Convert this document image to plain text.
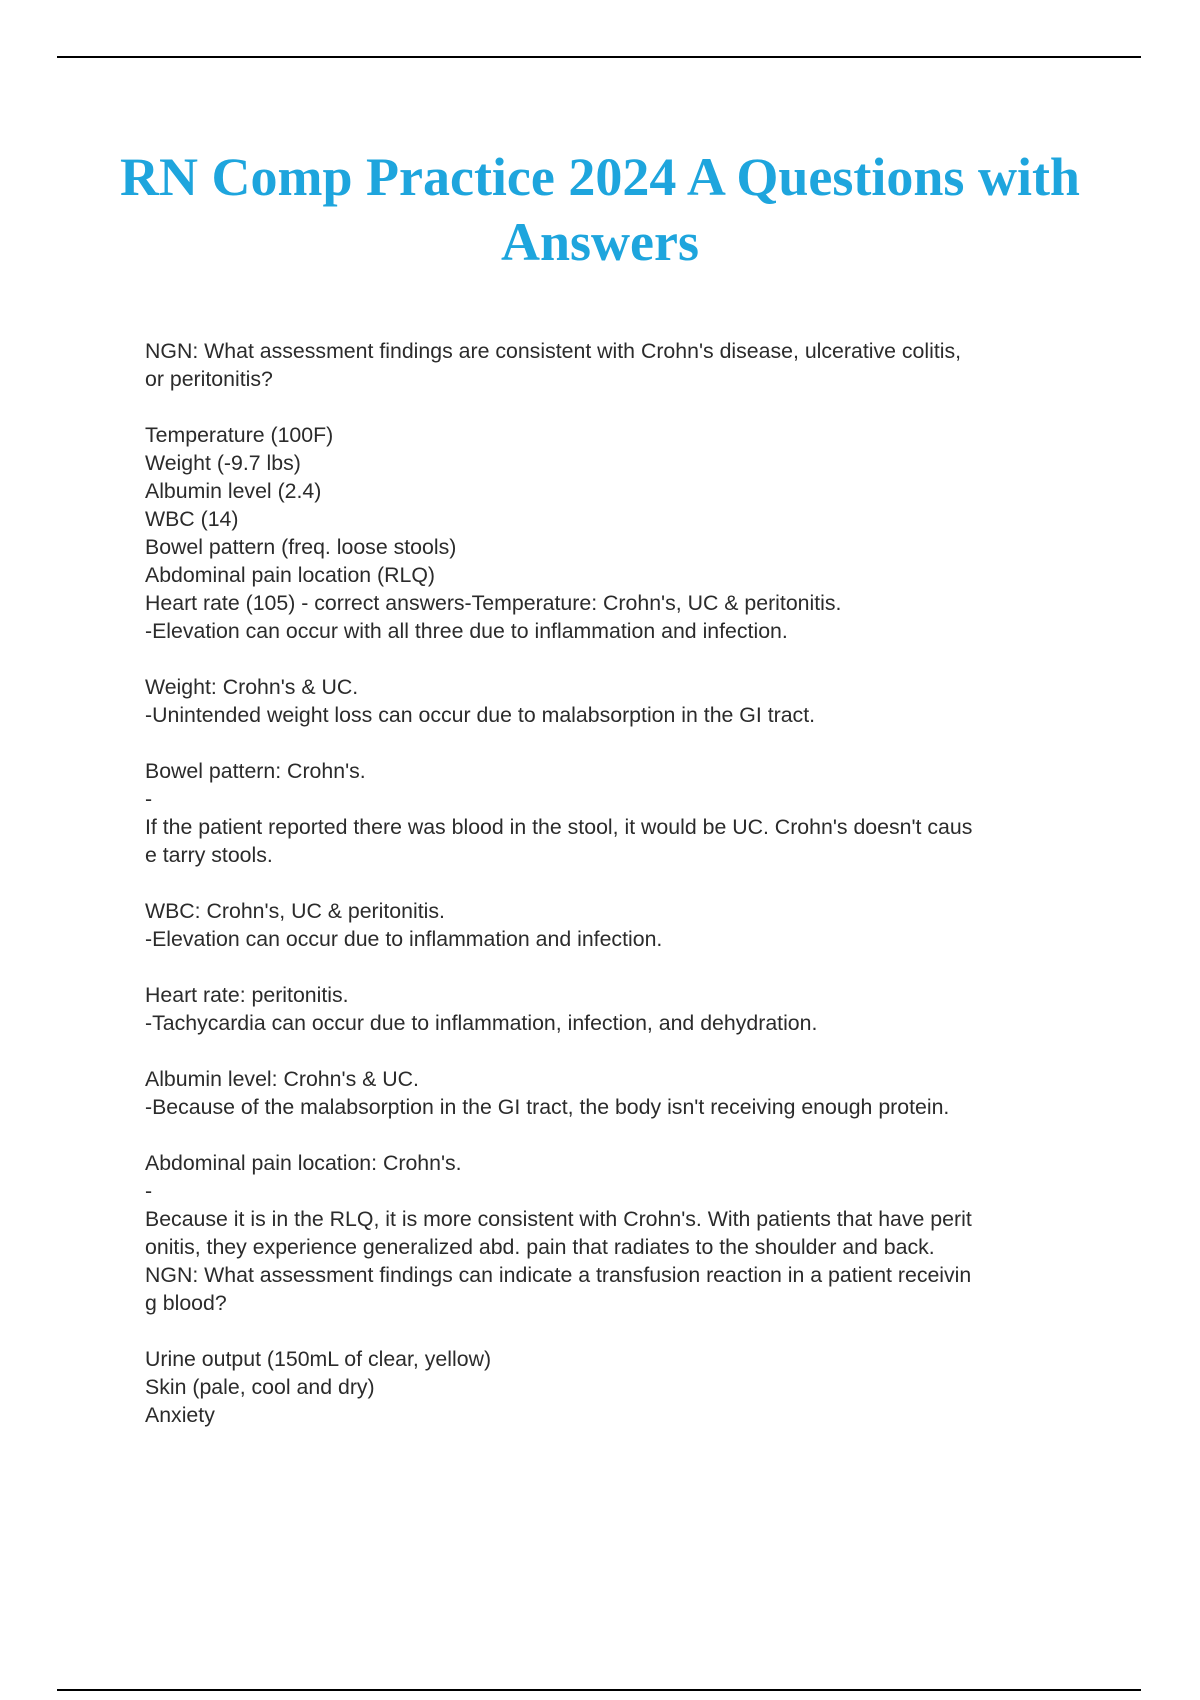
RN Comp Practice 2024 A Questions with Answers
NGN: What assessment findings are consistent with Crohn's disease, ulcerative colitis,
or peritonitis?
Temperature (100F)
Weight (-9.7 lbs)
Albumin level (2.4)
WBC (14)
Bowel pattern (freq. loose stools)
Abdominal pain location (RLQ)
Heart rate (105) - correct answers-Temperature: Crohn's, UC & peritonitis.
-Elevation can occur with all three due to inflammation and infection.
Weight: Crohn's & UC.
-Unintended weight loss can occur due to malabsorption in the GI tract.
Bowel pattern: Crohn's.
-
If the patient reported there was blood in the stool, it would be UC. Crohn's doesn't caus
e tarry stools.
WBC: Crohn's, UC & peritonitis.
-Elevation can occur due to inflammation and infection.
Heart rate: peritonitis.
-Tachycardia can occur due to inflammation, infection, and dehydration.
Albumin level: Crohn's & UC.
-Because of the malabsorption in the GI tract, the body isn't receiving enough protein.
Abdominal pain location: Crohn's.
-
Because it is in the RLQ, it is more consistent with Crohn's. With patients that have perit
onitis, they experience generalized abd. pain that radiates to the shoulder and back.
NGN: What assessment findings can indicate a transfusion reaction in a patient receivin
g blood?
Urine output (150mL of clear, yellow)
Skin (pale, cool and dry)
Anxiety
